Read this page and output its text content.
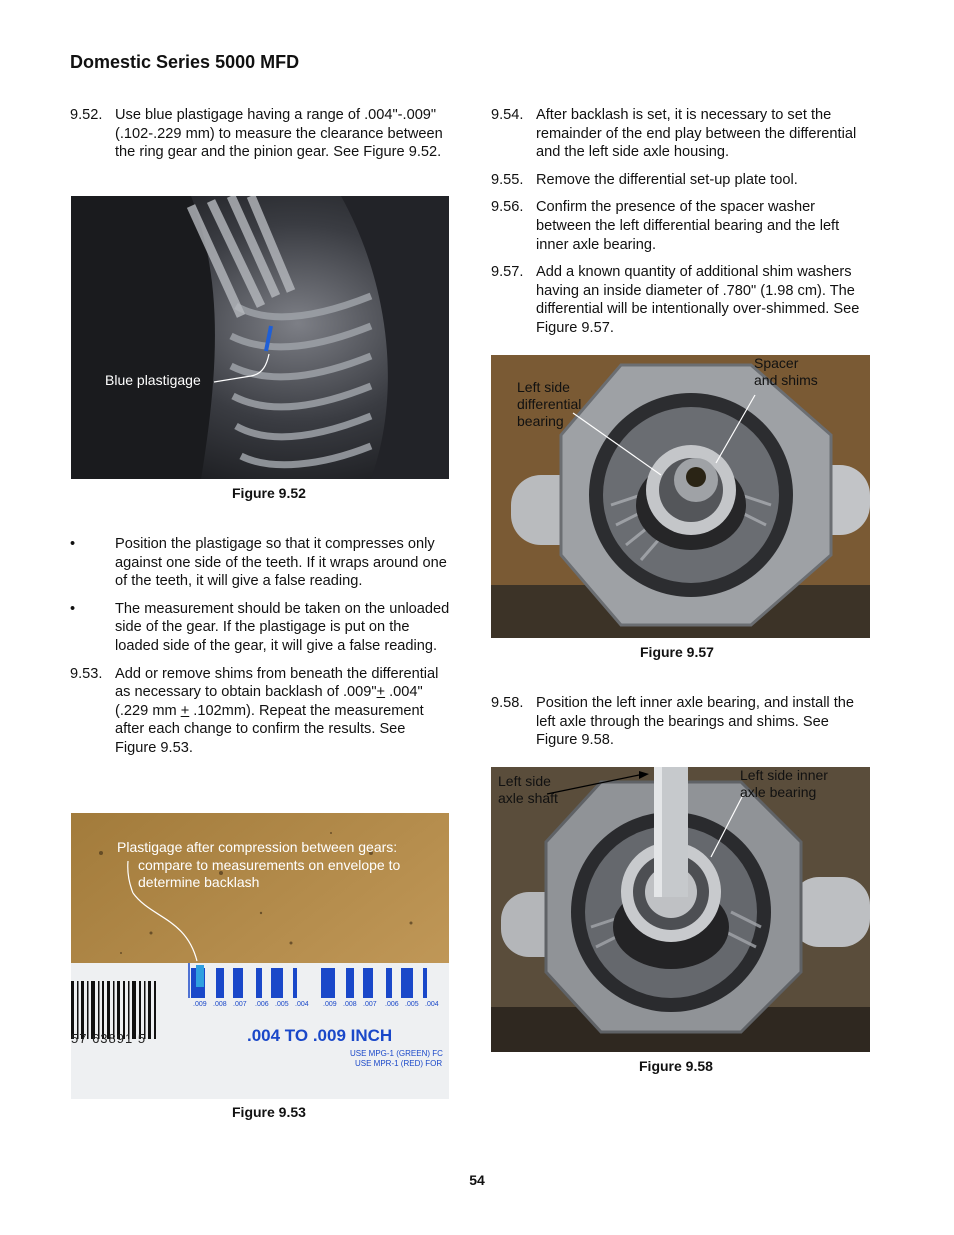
Domestic Series 5000 MFD
9.52. Use blue plastigage having a range of .004"-.009" (.102-.229 mm) to measure the clearance between the ring gear and the pinion gear. See Figure 9.52.
Blue plastigage
Figure 9.52
•	Position the plastigage so that it compresses only against one side of the teeth. If it wraps around one of the teeth, it will give a false reading.
•	The measurement should be taken on the unloaded side of the gear. If the plastigage is put on the loaded side of the gear, it will give a false reading.
9.53. Add or remove shims from beneath the differential as necessary to obtain backlash of .009"+ .004" (.229 mm + .102mm). Repeat the measurement after each change to confirm the results. See Figure 9.53.
Plastigage after compression between gears:
compare to measurements on envelope to
determine backlash
.009 .008 .007 .006 .005 .004 .009 .008 .007 .006 .005 .004
57 63891 5	.004 TO .009 INCH
USE MPG-1 (GREEN) FC
USE MPR-1 (RED) FOR
Figure 9.53
9.54. After backlash is set, it is necessary to set the remainder of the end play between the differential and the left side axle housing.
9.55. Remove the differential set-up plate tool.
9.56. Confirm the presence of the spacer washer between the left differential bearing and the left inner axle bearing.
9.57. Add a known quantity of additional shim washers having an inside diameter of .780" (1.98 cm). The differential will be intentionally over-shimmed. See Figure 9.57.
Left side
differential
bearing
Spacer
and shims
Figure 9.57
9.58. Position the left inner axle bearing, and install the left axle through the bearings and shims. See Figure 9.58.
Left side
axle shaft
Left side inner
axle bearing
Figure 9.58
54
